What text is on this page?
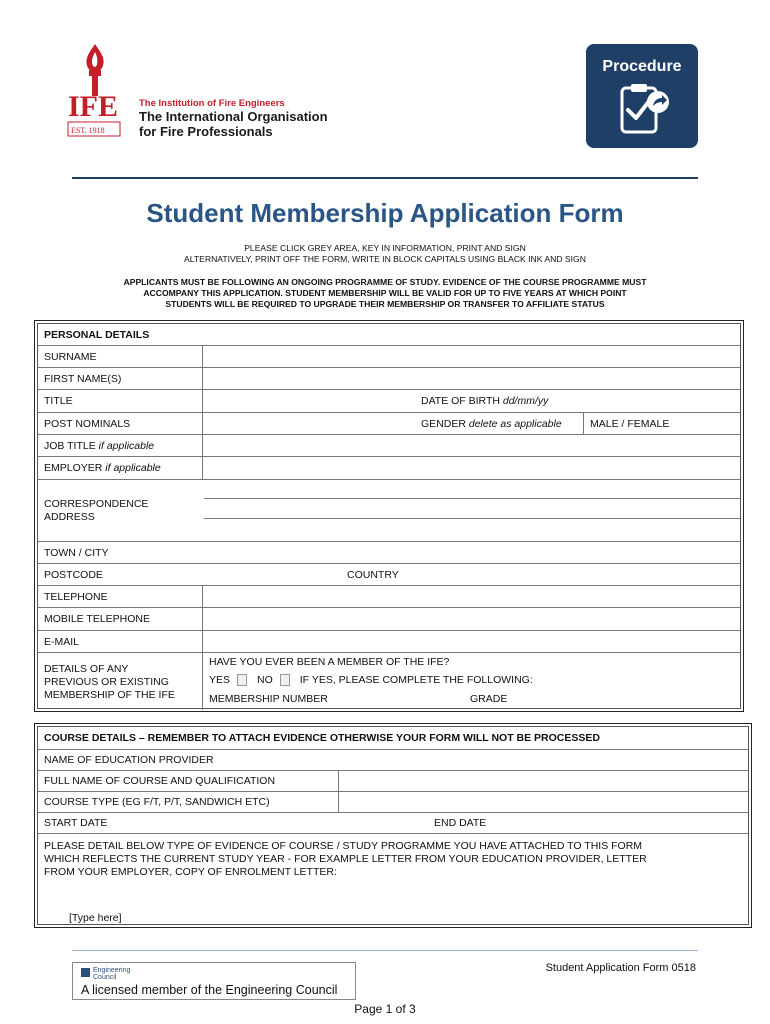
IFE
EST. 1918
The Institution of Fire Engineers
The International Organisation
for Fire Professionals
Procedure
Student Membership Application Form
PLEASE CLICK GREY AREA, KEY IN INFORMATION, PRINT AND SIGN
ALTERNATIVELY, PRINT OFF THE FORM, WRITE IN BLOCK CAPITALS USING BLACK INK AND SIGN
APPLICANTS MUST BE FOLLOWING AN ONGOING PROGRAMME OF STUDY. EVIDENCE OF THE COURSE PROGRAMME MUST
ACCOMPANY THIS APPLICATION. STUDENT MEMBERSHIP WILL BE VALID FOR UP TO FIVE YEARS AT WHICH POINT
STUDENTS WILL BE REQUIRED TO UPGRADE THEIR MEMBERSHIP OR TRANSFER TO AFFILIATE STATUS
PERSONAL DETAILS
SURNAME
FIRST NAME(S)
TITLE	DATE OF BIRTH
dd/mm/yy
POST NOMINALS	GENDER
delete as applicable	MALE / FEMALE
JOB TITLE
if applicable
EMPLOYER
if applicable
CORRESPONDENCE
ADDRESS
TOWN / CITY
POSTCODE	COUNTRY
TELEPHONE
MOBILE TELEPHONE
E-MAIL
DETAILS OF ANY
PREVIOUS OR EXISTING
MEMBERSHIP OF THE IFE
HAVE YOU EVER BEEN A MEMBER OF THE IFE?
YES	NO	IF YES, PLEASE COMPLETE THE FOLLOWING:
MEMBERSHIP NUMBER	GRADE
COURSE DETAILS – REMEMBER TO ATTACH EVIDENCE OTHERWISE YOUR FORM WILL NOT BE PROCESSED
NAME OF EDUCATION PROVIDER
FULL NAME OF COURSE AND QUALIFICATION
COURSE TYPE (EG F/T, P/T, SANDWICH ETC)
START DATE	END DATE
PLEASE DETAIL BELOW TYPE OF EVIDENCE OF COURSE / STUDY PROGRAMME YOU HAVE ATTACHED TO THIS FORM
WHICH REFLECTS THE CURRENT STUDY YEAR - FOR EXAMPLE LETTER FROM YOUR EDUCATION PROVIDER, LETTER
FROM YOUR EMPLOYER, COPY OF ENROLMENT LETTER:
[Type here]
Engineering
Council
A licensed member of the Engineering Council
Student Application Form 0518
Page 1 of 3
